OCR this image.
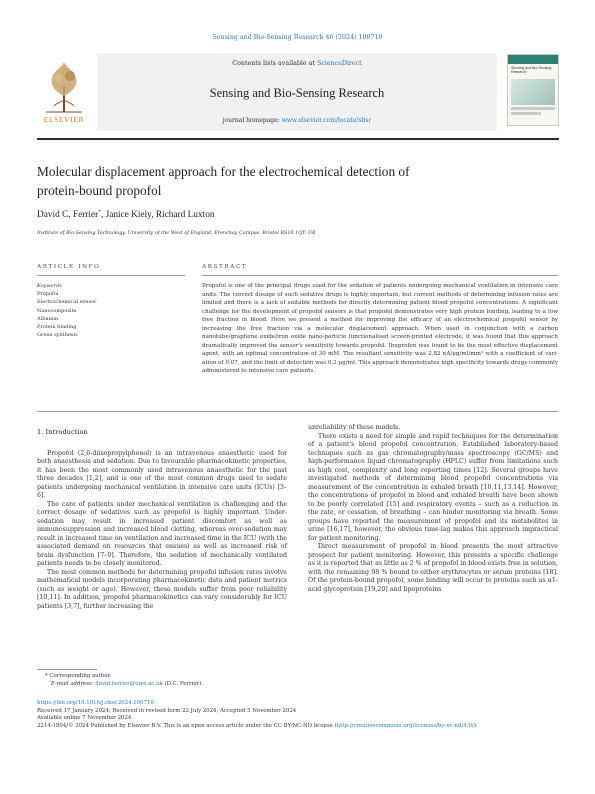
Sensing and Bio-Sensing Research 46 (2024) 100710
ELSEVIER
Contents lists available at ScienceDirect
Sensing and Bio-Sensing Research
journal homepage: www.elsevier.com/locate/sbsr
Sensing and Bio-Sensing Research
Molecular displacement approach for the electrochemical detection of
protein-bound propofol
David C. Ferrier*, Janice Kiely, Richard Luxton
Institute of Bio-Sensing Technology, University of the West of England, Frenchay Campus, Bristol BS16 1QY, UK
ARTICLE INFO	ABSTRACT
Keywords
Propofol
Electrochemical sensor
Nanocomposite
Albumin
Protein binding
Green synthesis
Propofol is one of the principal drugs used for the sedation of patients undergoing mechanical ventilation in intensive care units. The correct dosage of such sedative drugs is highly important, but current methods of determining infusion rates are limited and there is a lack of suitable methods for directly determining patient blood propofol concentrations. A significant challenge for the development of propofol sensors is that propofol demonstrates very high protein binding, leading to a low free fraction in blood. Here we present a method for improving the efficacy of an electrochemical propofol sensor by increasing the free fraction via a molecular displacement approach. When used in conjunction with a carbon nanotube/graphene oxide/iron oxide nano-particle functionalised screen-printed electrode, it was found that this approach dramatically improved the sensor's sensitivity towards propofol. Ibuprofen was found to be the most effective displacement agent, with an optimal concentration of 30 mM. The resultant sensitivity was 2.82 nA/μg/ml/mm² with a coefficient of vari-ation of 0.07, and the limit of detection was 0.2 μg/ml. This approach demonstrates high specificity towards drugs commonly administered to intensive care patients.
1. Introduction

Propofol (2,6-diisopropylphenol) is an intravenous anaesthetic used for both anaesthesia and sedation. Due to favourable pharmacokinetic properties, it has been the most commonly used intravenous anaesthetic for the past three decades [1,2], and is one of the most common drugs used to sedate patients undergoing mechanical ventilation in intensive care units (ICUs) [3–6].

The care of patients under mechanical ventilation is challenging and the correct dosage of sedatives such as propofol is highly important. Under-sedation may result in increased patient discomfort as well as immunosuppression and increased blood clotting, whereas over-sedation may result in increased time on ventilation and increased time in the ICU (with the associated demand on resources that ensues) as well as increased risk of brain dysfunction [7–9]. Therefore, the sedation of mechanically ventilated patients needs to be closely monitored.

The most common methods for determining propofol infusion rates involve mathematical models incorporating pharmacokinetic data and patient metrics (such as weight or age). However, these models suffer from poor reliability [10,11]. In addition, propofol pharmacokinetics can vary considerably for ICU patients [3,7], further increasing the

unreliability of these models.

There exists a need for simple and rapid techniques for the determination of a patient's blood propofol concentration. Established laboratory-based techniques such as gas chromatography/mass spectroscopy (GC/MS) and high-performance liquid chromatography (HPLC) suffer from limitations such as high cost, complexity and long reporting times [12]. Several groups have investigated methods of determining blood propofol concentrations via measurement of the concentration in exhaled breath [10,11,13,14]. However, the concentrations of propofol in blood and exhaled breath have been shown to be poorly correlated [15] and respiratory events – such as a reduction in the rate, or cessation, of breathing – can hinder monitoring via breath. Some groups have reported the measurement of propofol and its metabolites in urine [16,17], however, the obvious time-lag makes this approach impractical for patient monitoring.

Direct measurement of propofol in blood presents the most attractive prospect for patient monitoring. However, this presents a specific challenge as it is reported that as little as 2 % of propofol in blood exists free in solution, with the remaining 98 % bound to either erythrocytes or serum proteins [18]. Of the protein-bound propofol, some binding will occur to proteins such as α1-acid glycoprotein [19,20] and lipoproteins

* Corresponding author.
E-mail address: david.ferrier@uwe.ac.uk (D.C. Ferrier).
https://doi.org/10.1016/j.sbsr.2024.100710
Received 17 January 2024; Received in revised form 22 July 2024; Accepted 5 November 2024
Available online 7 November 2024
2214-1804/© 2024 Published by Elsevier B.V. This is an open access article under the CC BY-NC-ND license (http://creativecommons.org/licenses/by-nc-nd/4.0/).
